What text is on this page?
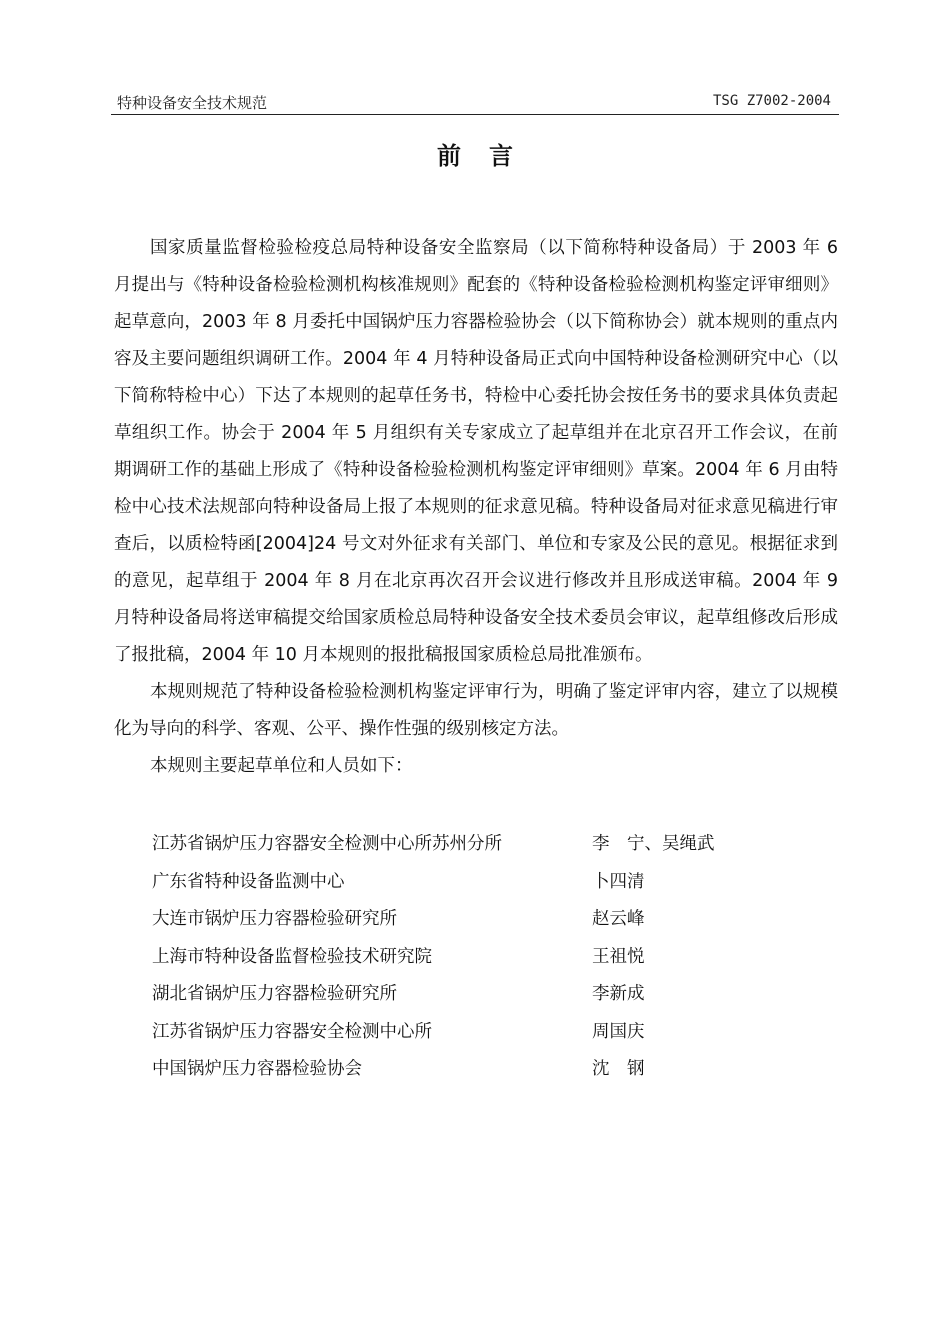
特种设备安全技术规范	TSG Z7002-2004
前言

国家质量监督检验检疫总局特种设备安全监察局（以下简称特种设备局）于 2003 年 6 月提出与《特种设备检验检测机构核准规则》配套的《特种设备检验检测机构鉴定评审细则》起草意向，2003 年 8 月委托中国锅炉压力容器检验协会（以下简称协会）就本规则的重点内容及主要问题组织调研工作。2004 年 4 月特种设备局正式向中国特种设备检测研究中心（以下简称特检中心）下达了本规则的起草任务书，特检中心委托协会按任务书的要求具体负责起草组织工作。协会于 2004 年 5 月组织有关专家成立了起草组并在北京召开工作会议，在前期调研工作的基础上形成了《特种设备检验检测机构鉴定评审细则》草案。2004 年 6 月由特检中心技术法规部向特种设备局上报了本规则的征求意见稿。特种设备局对征求意见稿进行审查后，以质检特函[2004]24 号文对外征求有关部门、单位和专家及公民的意见。根据征求到的意见，起草组于 2004 年 8 月在北京再次召开会议进行修改并且形成送审稿。2004 年 9 月特种设备局将送审稿提交给国家质检总局特种设备安全技术委员会审议，起草组修改后形成了报批稿，2004 年 10 月本规则的报批稿报国家质检总局批准颁布。

本规则规范了特种设备检验检测机构鉴定评审行为，明确了鉴定评审内容，建立了以规模化为导向的科学、客观、公平、操作性强的级别核定方法。

本规则主要起草单位和人员如下：

江苏省锅炉压力容器安全检测中心所苏州分所	李　宁、吴绳武
广东省特种设备监测中心	卜四清
大连市锅炉压力容器检验研究所	赵云峰
上海市特种设备监督检验技术研究院	王祖悦
湖北省锅炉压力容器检验研究所	李新成
江苏省锅炉压力容器安全检测中心所	周国庆
中国锅炉压力容器检验协会	沈　钢
